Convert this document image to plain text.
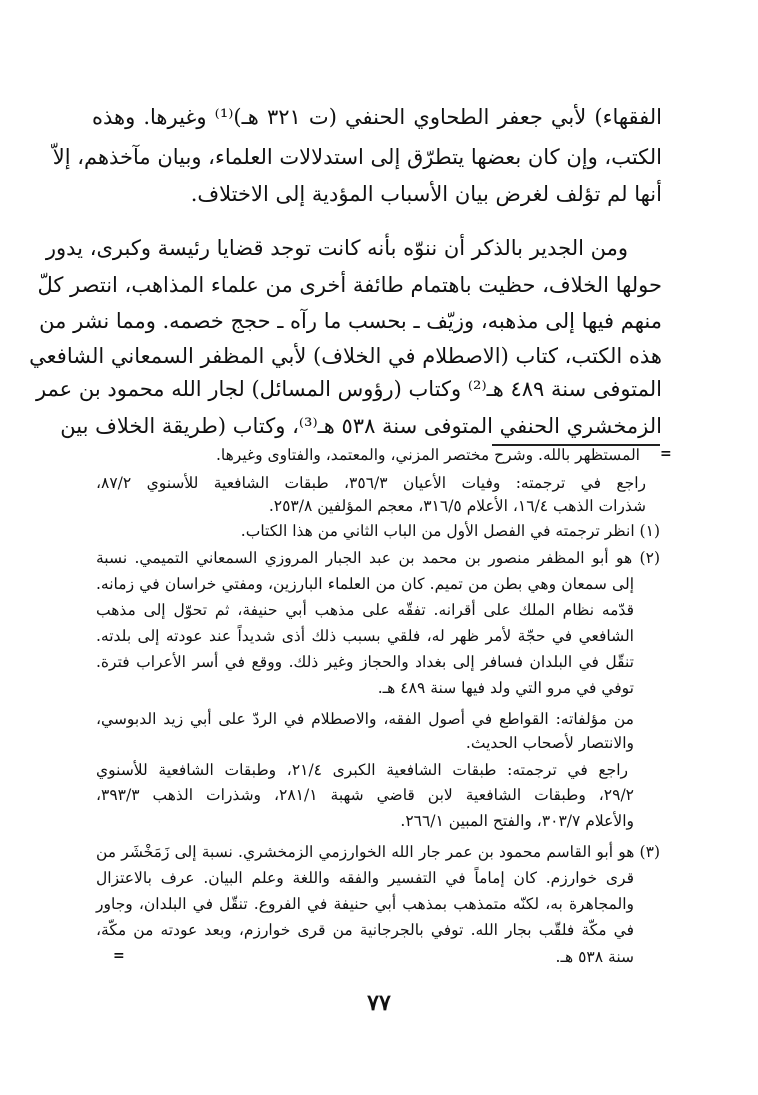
الفقهاء) لأبي جعفر الطحاوي الحنفي (ت ٣٢١ هـ)⁽¹⁾ وغيرها. وهذه
الكتب، وإن كان بعضها يتطرّق إلى استدلالات العلماء، وبيان مآخذهم، إلاّ
أنها لم تؤلف لغرض بيان الأسباب المؤدية إلى الاختلاف.
ومن الجدير بالذكر أن ننوّه بأنه كانت توجد قضايا رئيسة وكبرى، يدور
حولها الخلاف، حظيت باهتمام طائفة أخرى من علماء المذاهب، انتصر كلّ
منهم فيها إلى مذهبه، وزيّف ـ بحسب ما رآه ـ حجج خصمه. ومما نشر من
هذه الكتب، كتاب (الاصطلام في الخلاف) لأبي المظفر السمعاني الشافعي
المتوفى سنة ٤٨٩ هـ⁽²⁾ وكتاب (رؤوس المسائل) لجار الله محمود بن عمر
الزمخشري الحنفي المتوفى سنة ٥٣٨ هـ⁽³⁾، وكتاب (طريقة الخلاف بين
=
المستظهر بالله. وشرح مختصر المزني، والمعتمد، والفتاوى وغيرها.
راجع في ترجمته: وفيات الأعيان ٣٥٦/٣، طبقات الشافعية للأسنوي ٨٧/٢،
شذرات الذهب ١٦/٤، الأعلام ٣١٦/٥، معجم المؤلفين ٢٥٣/٨.
(١) انظر ترجمته في الفصل الأول من الباب الثاني من هذا الكتاب.
(٢) هو أبو المظفر منصور بن محمد بن عبد الجبار المروزي السمعاني التميمي. نسبة
إلى سمعان وهي بطن من تميم. كان من العلماء البارزين، ومفتي خراسان في زمانه.
قدّمه نظام الملك على أقرانه. تفقّه على مذهب أبي حنيفة، ثم تحوّل إلى مذهب
الشافعي في حجّة لأمر ظهر له، فلقي بسبب ذلك أذى شديداً عند عودته إلى بلدته.
تنقّل في البلدان فسافر إلى بغداد والحجاز وغير ذلك. ووقع في أسر الأعراب فترة.
توفي في مرو التي ولد فيها سنة ٤٨٩ هـ.
من مؤلفاته: القواطع في أصول الفقه، والاصطلام في الردّ على أبي زيد الدبوسي،
والانتصار لأصحاب الحديث.
راجع في ترجمته: طبقات الشافعية الكبرى ٢١/٤، وطبقات الشافعية للأسنوي
٢٩/٢، وطبقات الشافعية لابن قاضي شهبة ٢٨١/١، وشذرات الذهب ٣٩٣/٣،
والأعلام ٣٠٣/٧، والفتح المبين ٢٦٦/١.
(٣) هو أبو القاسم محمود بن عمر جار الله الخوارزمي الزمخشري. نسبة إلى زَمَخْشَر من
قرى خوارزم. كان إماماً في التفسير والفقه واللغة وعلم البيان. عرف بالاعتزال
والمجاهرة به، لكنّه متمذهب بمذهب أبي حنيفة في الفروع. تنقّل في البلدان، وجاور
في مكّة فلقّب بجار الله. توفي بالجرجانية من قرى خوارزم، وبعد عودته من مكّة،
سنة ٥٣٨ هـ.
=
٧٧
